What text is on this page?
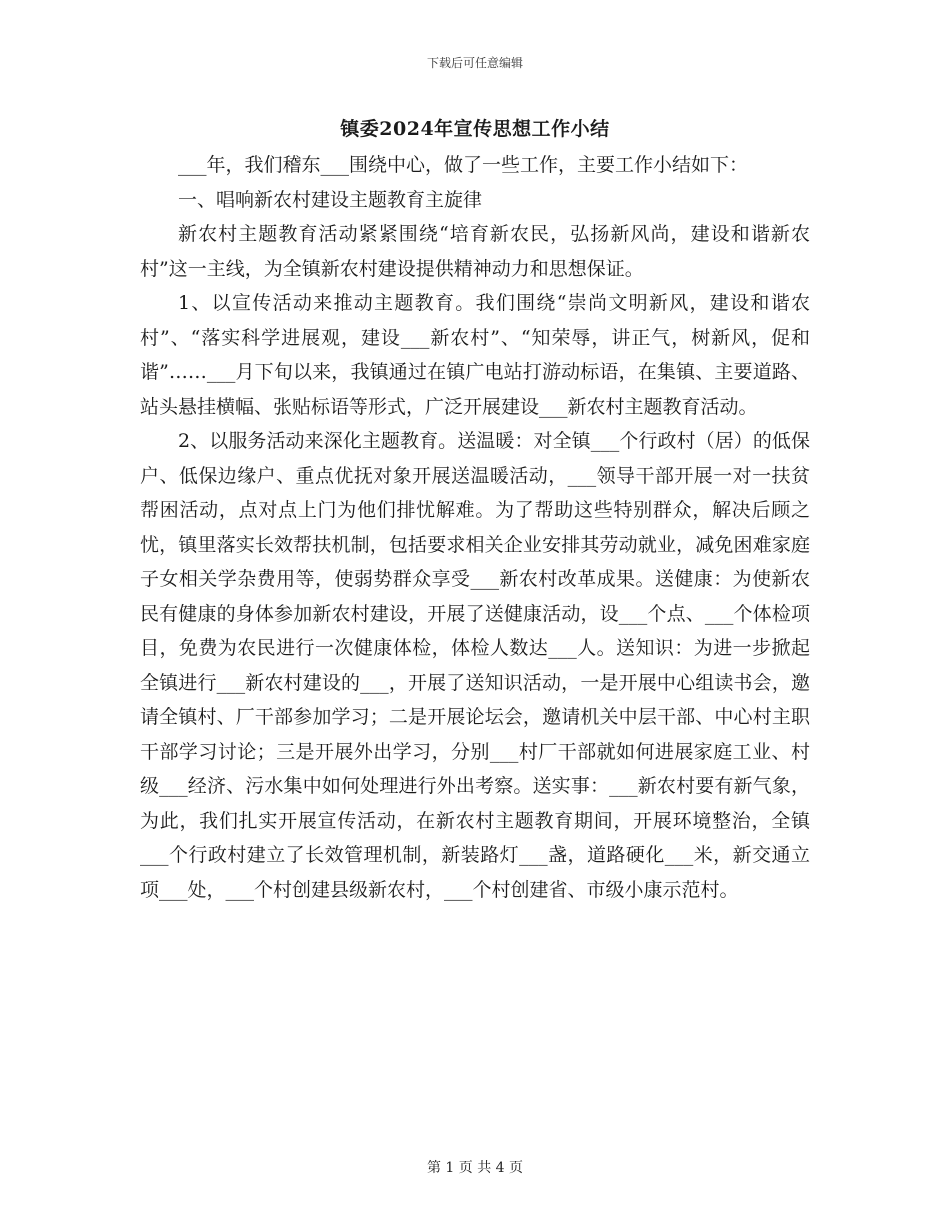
下载后可任意编辑
镇委2024年宣传思想工作小结

___年，我们稽东___围绕中心，做了一些工作，主要工作小结如下：

一、唱响新农村建设主题教育主旋律

新农村主题教育活动紧紧围绕“培育新农民，弘扬新风尚，建设和谐新农村”这一主线，为全镇新农村建设提供精神动力和思想保证。

1、以宣传活动来推动主题教育。我们围绕“崇尚文明新风，建设和谐农村”、“落实科学进展观，建设___新农村”、“知荣辱，讲正气，树新风，促和谐”……___月下旬以来，我镇通过在镇广电站打游动标语，在集镇、主要道路、站头悬挂横幅、张贴标语等形式，广泛开展建设___新农村主题教育活动。

2、以服务活动来深化主题教育。送温暖：对全镇___个行政村（居）的低保户、低保边缘户、重点优抚对象开展送温暖活动，___领导干部开展一对一扶贫帮困活动，点对点上门为他们排忧解难。为了帮助这些特别群众，解决后顾之忧，镇里落实长效帮扶机制，包括要求相关企业安排其劳动就业，减免困难家庭子女相关学杂费用等，使弱势群众享受___新农村改革成果。送健康：为使新农民有健康的身体参加新农村建设，开展了送健康活动，设___个点、___个体检项目，免费为农民进行一次健康体检，体检人数达___人。送知识：为进一步掀起全镇进行___新农村建设的___，开展了送知识活动，一是开展中心组读书会，邀请全镇村、厂干部参加学习；二是开展论坛会，邀请机关中层干部、中心村主职干部学习讨论；三是开展外出学习，分别___村厂干部就如何进展家庭工业、村级___经济、污水集中如何处理进行外出考察。送实事：___新农村要有新气象，为此，我们扎实开展宣传活动，在新农村主题教育期间，开展环境整治，全镇___个行政村建立了长效管理机制，新装路灯___盏，道路硬化___米，新交通立项___处，___个村创建县级新农村，___个村创建省、市级小康示范村。

第 1 页 共 4 页
